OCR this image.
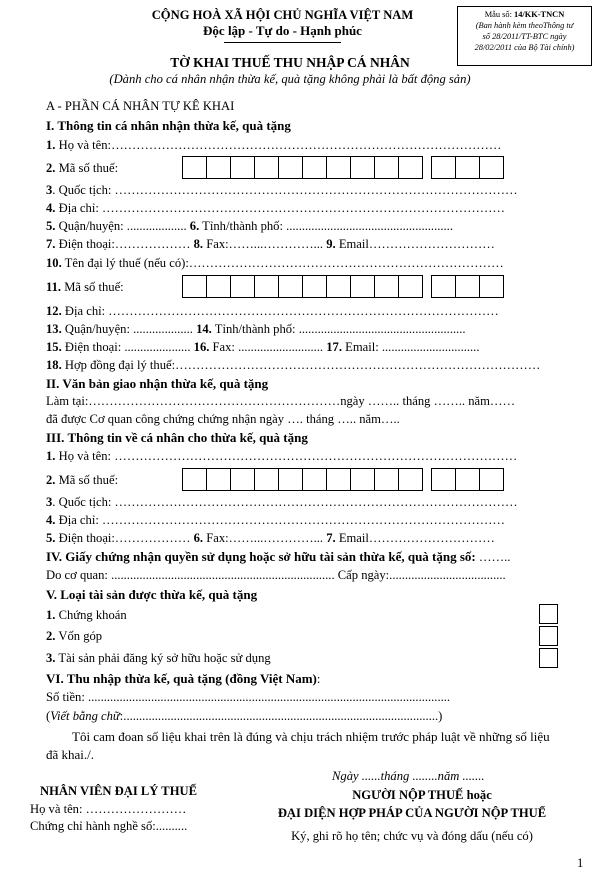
CỘNG HOÀ XÃ HỘI CHỦ NGHĨA VIỆT NAM
Độc lập - Tự do - Hạnh phúc
Mẫu số: 14/KK-TNCN
(Ban hành kèm theoThông tư
số 28/2011/TT-BTC ngày
28/02/2011 của Bộ Tài chính)
TỜ KHAI THUẾ THU NHẬP CÁ NHÂN
(Dành cho cá nhân nhận thừa kế, quà tặng không phải là bất động sản)
A - PHẦN CÁ NHÂN TỰ KÊ KHAI
I. Thông tin cá nhân nhận thừa kế, quà tặng
1. Họ và tên:…………………………………………………………………………………
2. Mã số thuế:
3. Quốc tịch: ……………………………………………………………………………………
4. Địa chỉ: ……………………………………………………………………………………
5. Quận/huyện: ................... 6. Tỉnh/thành phố: .....................................................
7. Điện thoại:……………… 8. Fax:……...…………... 9. Email…………………………
10. Tên đại lý thuế (nếu có):…………………………………………………………………
11. Mã số thuế:
12. Địa chỉ: …………………………………………………………………………………
13. Quận/huyện: ................... 14. Tỉnh/thành phố: .....................................................
15. Điện thoại: ..................... 16. Fax: ........................... 17. Email: ...............................
18. Hợp đồng đại lý thuế:……………………………………………………………………………
II. Văn bản giao nhận thừa kế, quà tặng
Làm tại:……………………………………………………ngày …….. tháng …….. năm……
đã được Cơ quan công chứng chứng nhận ngày …. tháng ….. năm…..
III. Thông tin về cá nhân cho thừa kế, quà tặng
1. Họ và tên: ……………………………………………………………………………………
2. Mã số thuế:
3. Quốc tịch: ……………………………………………………………………………………
4. Địa chỉ: ……………………………………………………………………………………
5. Điện thoại:……………… 6. Fax:……...…………... 7. Email…………………………
IV. Giấy chứng nhận quyền sử dụng hoặc sở hữu tài sản thừa kế, quà tặng số: ……..
Do cơ quan: ....................................................................... Cấp ngày:.....................................
V. Loại tài sản được thừa kế, quà tặng
1. Chứng khoán
2. Vốn góp
3. Tài sản phải đăng ký sở hữu hoặc sử dụng
VI. Thu nhập thừa kế, quà tặng (đồng Việt Nam):
Số tiền: ...................................................................................................................
(Viết bằng chữ:....................................................................................................)
Tôi cam đoan số liệu khai trên là đúng và chịu trách nhiệm trước pháp luật về những số liệu đã khai./.
Ngày ......tháng ........năm .......
NHÂN VIÊN ĐẠI LÝ THUẾ
Họ và tên: ……………………
Chứng chỉ hành nghề số:..........
NGƯỜI NỘP THUẾ hoặc
ĐẠI DIỆN HỢP PHÁP CỦA NGƯỜI NỘP THUẾ
Ký, ghi rõ họ tên; chức vụ và đóng dấu (nếu có)
1
